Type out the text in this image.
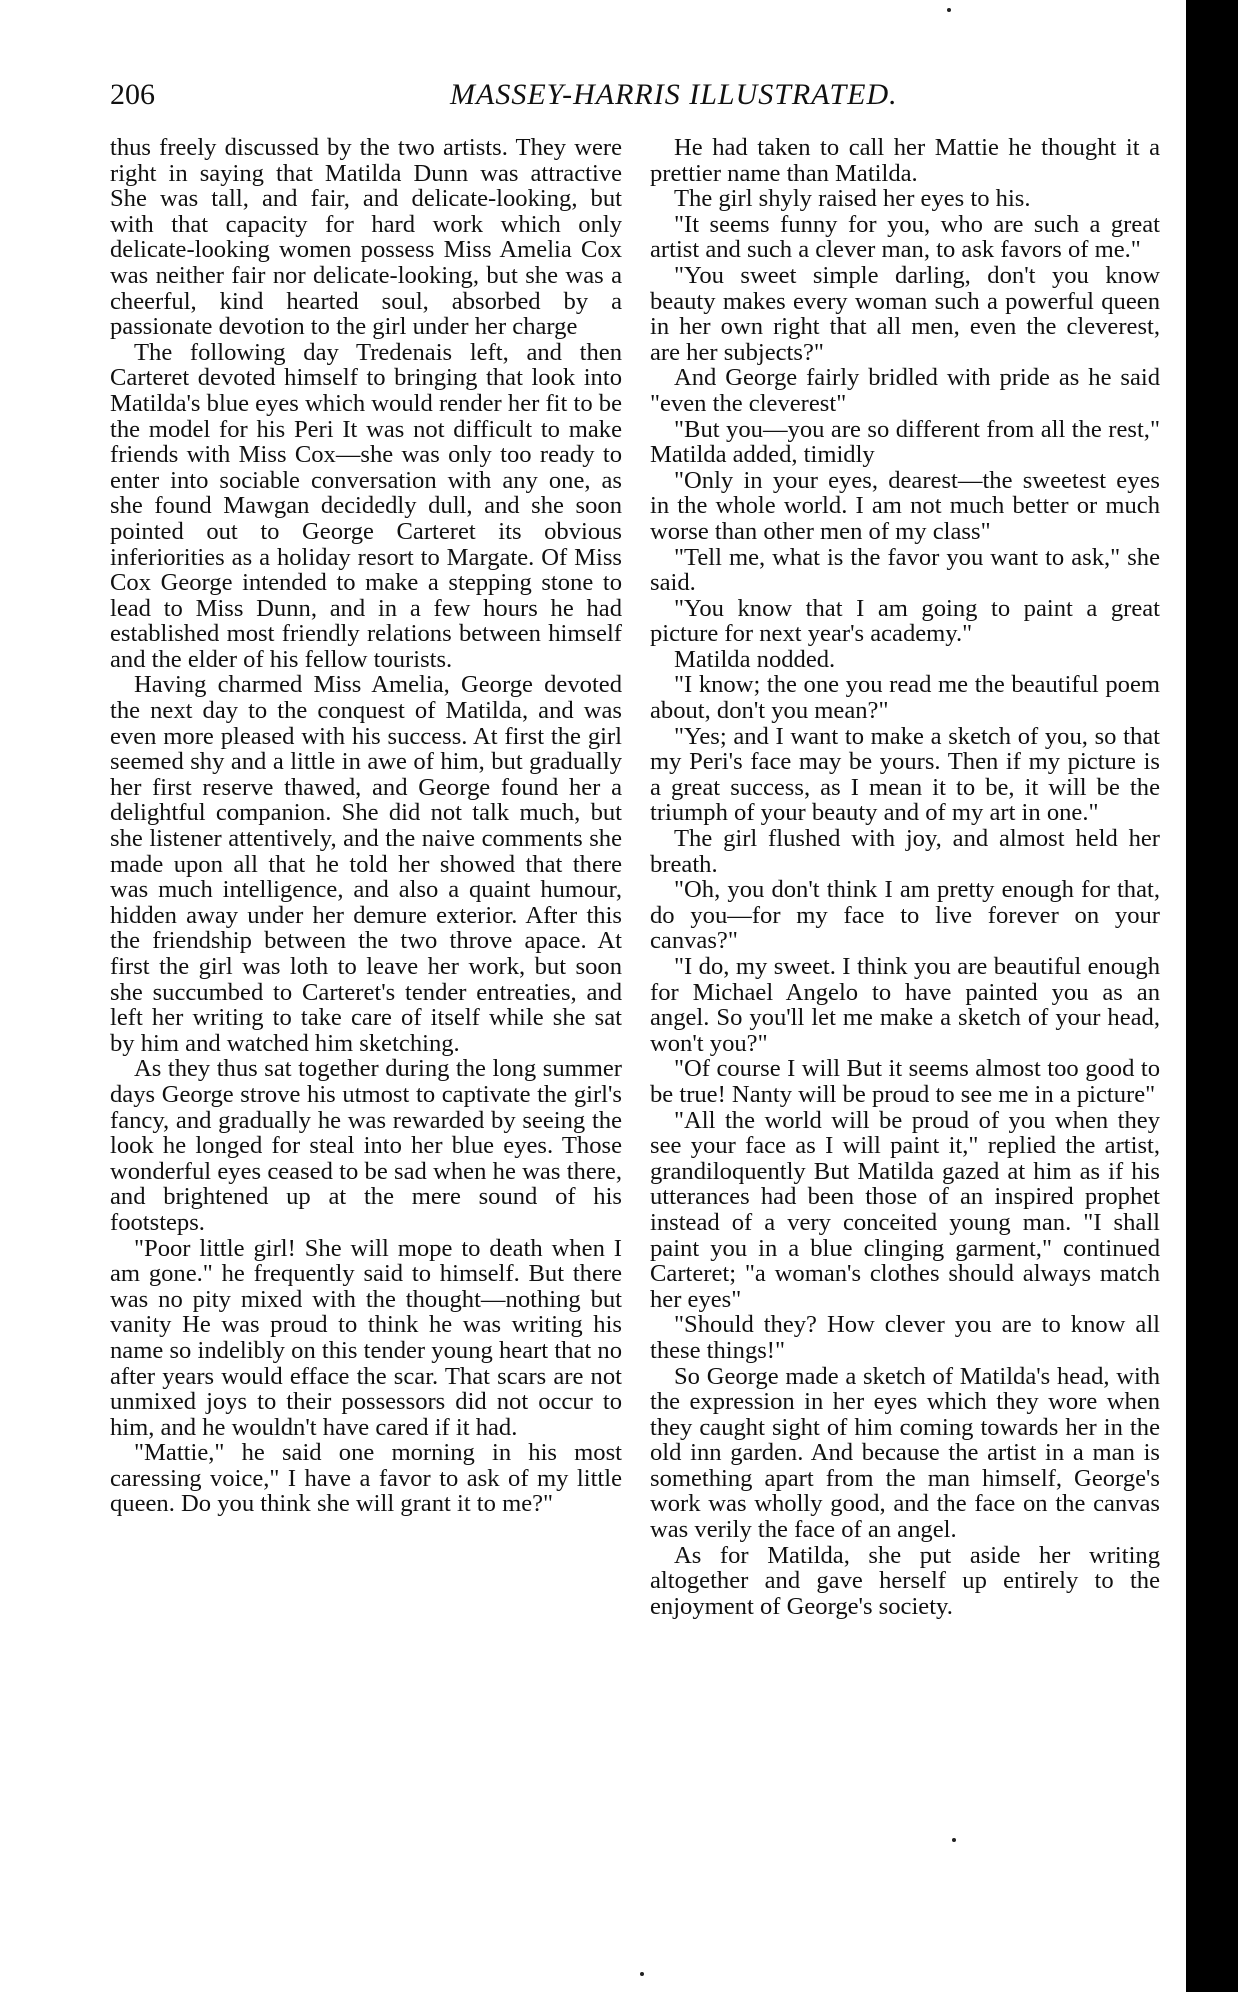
206	MASSEY-HARRIS ILLUSTRATED.

thus freely discussed by the two artists. They were right in saying that Matilda Dunn was attractive She was tall, and fair, and delicate-looking, but with that capacity for hard work which only delicate-looking women possess Miss Amelia Cox was neither fair nor delicate-looking, but she was a cheerful, kind hearted soul, absorbed by a passionate devotion to the girl under her charge

The following day Tredenais left, and then Carteret devoted himself to bringing that look into Matilda's blue eyes which would render her fit to be the model for his Peri It was not difficult to make friends with Miss Cox—she was only too ready to enter into sociable conversation with any one, as she found Mawgan decidedly dull, and she soon pointed out to George Carteret its obvious inferiorities as a holiday resort to Margate. Of Miss Cox George intended to make a stepping stone to lead to Miss Dunn, and in a few hours he had established most friendly relations between himself and the elder of his fellow tourists.

Having charmed Miss Amelia, George devoted the next day to the conquest of Matilda, and was even more pleased with his success. At first the girl seemed shy and a little in awe of him, but gradually her first reserve thawed, and George found her a delightful companion. She did not talk much, but she listener attentively, and the naive comments she made upon all that he told her showed that there was much intelligence, and also a quaint humour, hidden away under her demure exterior. After this the friendship between the two throve apace. At first the girl was loth to leave her work, but soon she succumbed to Carteret's tender entreaties, and left her writing to take care of itself while she sat by him and watched him sketching.

As they thus sat together during the long summer days George strove his utmost to captivate the girl's fancy, and gradually he was rewarded by seeing the look he longed for steal into her blue eyes. Those wonderful eyes ceased to be sad when he was there, and brightened up at the mere sound of his footsteps.

"Poor little girl! She will mope to death when I am gone." he frequently said to himself. But there was no pity mixed with the thought—nothing but vanity He was proud to think he was writing his name so indelibly on this tender young heart that no after years would efface the scar. That scars are not unmixed joys to their possessors did not occur to him, and he wouldn't have cared if it had.

"Mattie," he said one morning in his most caressing voice," I have a favor to ask of my little queen. Do you think she will grant it to me?"

He had taken to call her Mattie he thought it a prettier name than Matilda.

The girl shyly raised her eyes to his.

"It seems funny for you, who are such a great artist and such a clever man, to ask favors of me."

"You sweet simple darling, don't you know beauty makes every woman such a powerful queen in her own right that all men, even the cleverest, are her subjects?"

And George fairly bridled with pride as he said "even the cleverest"

"But you—you are so different from all the rest," Matilda added, timidly

"Only in your eyes, dearest—the sweetest eyes in the whole world. I am not much better or much worse than other men of my class"

"Tell me, what is the favor you want to ask," she said.

"You know that I am going to paint a great picture for next year's academy."

Matilda nodded.

"I know; the one you read me the beautiful poem about, don't you mean?"

"Yes; and I want to make a sketch of you, so that my Peri's face may be yours. Then if my picture is a great success, as I mean it to be, it will be the triumph of your beauty and of my art in one."

The girl flushed with joy, and almost held her breath.

"Oh, you don't think I am pretty enough for that, do you—for my face to live forever on your canvas?"

"I do, my sweet. I think you are beautiful enough for Michael Angelo to have painted you as an angel. So you'll let me make a sketch of your head, won't you?"

"Of course I will But it seems almost too good to be true! Nanty will be proud to see me in a picture"

"All the world will be proud of you when they see your face as I will paint it," replied the artist, grandiloquently But Matilda gazed at him as if his utterances had been those of an inspired prophet instead of a very conceited young man. "I shall paint you in a blue clinging garment," continued Carteret; "a woman's clothes should always match her eyes"

"Should they? How clever you are to know all these things!"

So George made a sketch of Matilda's head, with the expression in her eyes which they wore when they caught sight of him coming towards her in the old inn garden. And because the artist in a man is something apart from the man himself, George's work was wholly good, and the face on the canvas was verily the face of an angel.

As for Matilda, she put aside her writing altogether and gave herself up entirely to the enjoyment of George's society.
